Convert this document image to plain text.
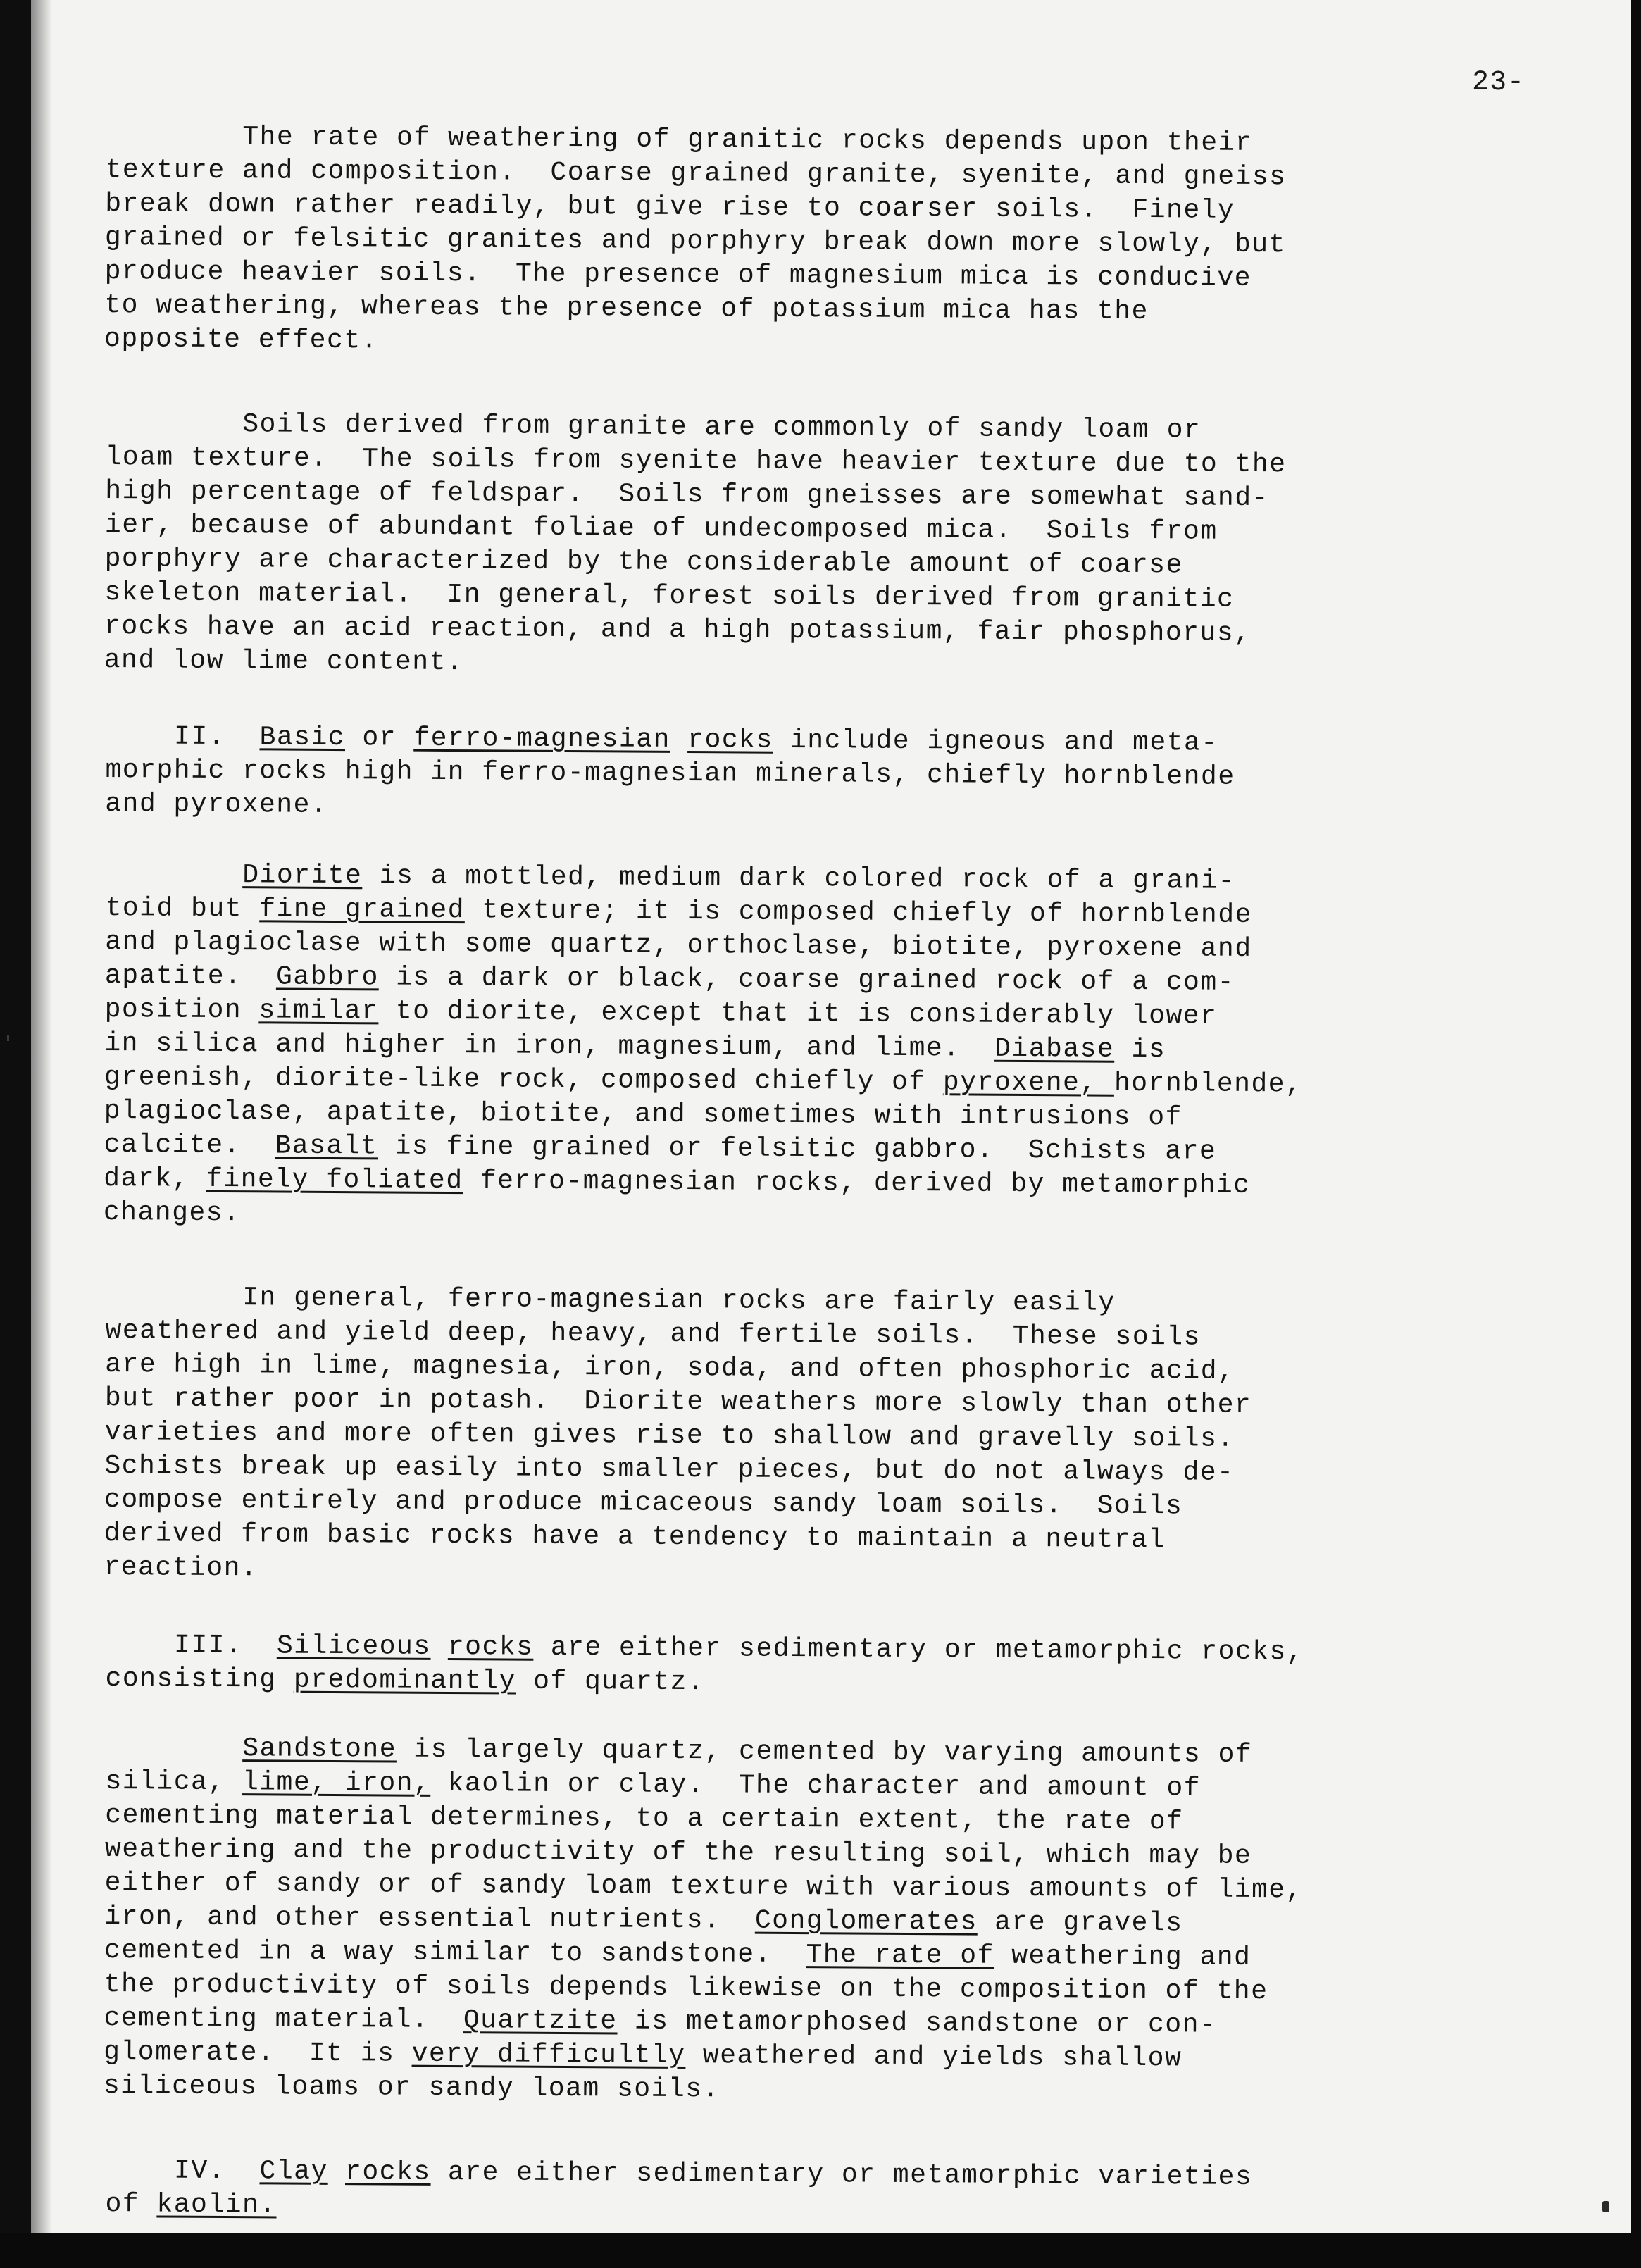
23-
The rate of weathering of granitic rocks depends upon their
texture and composition.  Coarse grained granite, syenite, and gneiss
break down rather readily, but give rise to coarser soils.  Finely
grained or felsitic granites and porphyry break down more slowly, but
produce heavier soils.  The presence of magnesium mica is conducive
to weathering, whereas the presence of potassium mica has the
opposite effect.
Soils derived from granite are commonly of sandy loam or
loam texture.  The soils from syenite have heavier texture due to the
high percentage of feldspar.  Soils from gneisses are somewhat sand-
ier, because of abundant foliae of undecomposed mica.  Soils from
porphyry are characterized by the considerable amount of coarse
skeleton material.  In general, forest soils derived from granitic
rocks have an acid reaction, and a high potassium, fair phosphorus,
and low lime content.
II.  Basic or ferro-magnesian rocks include igneous and meta-
morphic rocks high in ferro-magnesian minerals, chiefly hornblende
and pyroxene.
Diorite is a mottled, medium dark colored rock of a grani-
toid but fine grained texture; it is composed chiefly of hornblende
and plagioclase with some quartz, orthoclase, biotite, pyroxene and
apatite.  Gabbro is a dark or black, coarse grained rock of a com-
position similar to diorite, except that it is considerably lower
in silica and higher in iron, magnesium, and lime.  Diabase is
greenish, diorite-like rock, composed chiefly of pyroxene, hornblende,
plagioclase, apatite, biotite, and sometimes with intrusions of
calcite.  Basalt is fine grained or felsitic gabbro.  Schists are
dark, finely foliated ferro-magnesian rocks, derived by metamorphic
changes.
In general, ferro-magnesian rocks are fairly easily
weathered and yield deep, heavy, and fertile soils.  These soils
are high in lime, magnesia, iron, soda, and often phosphoric acid,
but rather poor in potash.  Diorite weathers more slowly than other
varieties and more often gives rise to shallow and gravelly soils.
Schists break up easily into smaller pieces, but do not always de-
compose entirely and produce micaceous sandy loam soils.  Soils
derived from basic rocks have a tendency to maintain a neutral
reaction.
III.  Siliceous rocks are either sedimentary or metamorphic rocks,
consisting predominantly of quartz.
Sandstone is largely quartz, cemented by varying amounts of
silica, lime, iron, kaolin or clay.  The character and amount of
cementing material determines, to a certain extent, the rate of
weathering and the productivity of the resulting soil, which may be
either of sandy or of sandy loam texture with various amounts of lime,
iron, and other essential nutrients.  Conglomerates are gravels
cemented in a way similar to sandstone.  The rate of weathering and
the productivity of soils depends likewise on the composition of the
cementing material.  Quartzite is metamorphosed sandstone or con-
glomerate.  It is very difficultly weathered and yields shallow
siliceous loams or sandy loam soils.
IV.  Clay rocks are either sedimentary or metamorphic varieties
of kaolin.
